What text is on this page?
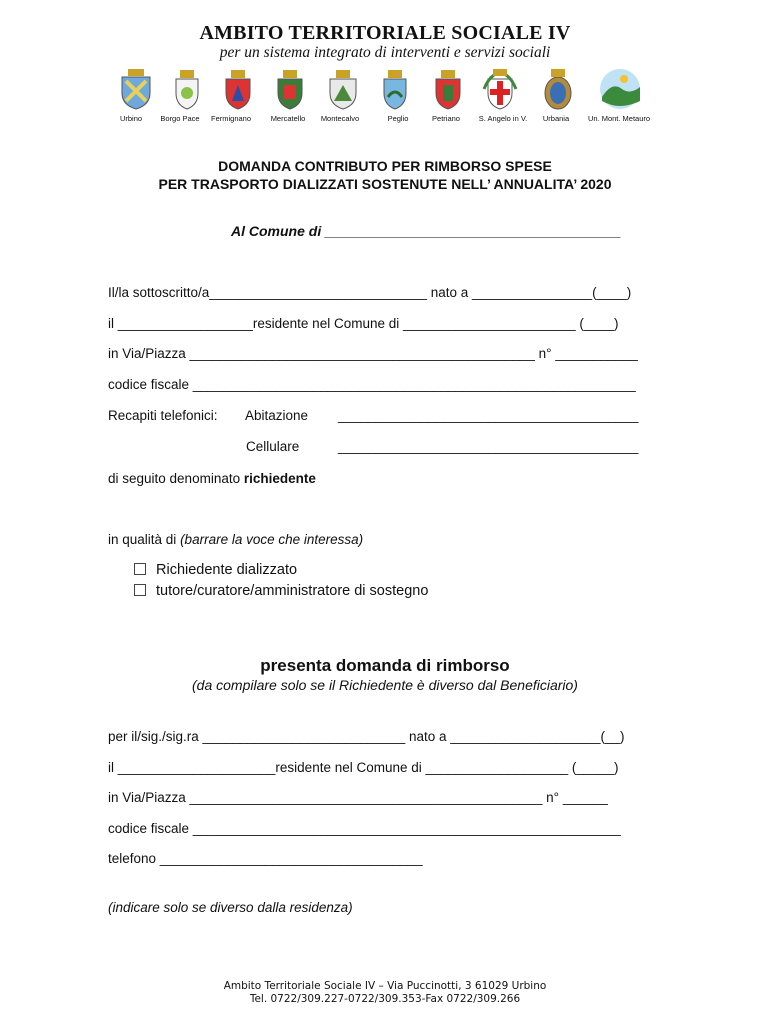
AMBITO TERRITORIALE SOCIALE IV
per un sistema integrato di interventi e servizi sociali
Urbino	Borgo Pace	Fermignano	Mercatello	Montecalvo	Peglio	Petriano	S. Angelo in V.	Urbania	Un. Mont. Metauro
DOMANDA CONTRIBUTO PER RIMBORSO SPESE
PER TRASPORTO DIALIZZATI SOSTENUTE NELL’ ANNUALITA’ 2020
Al Comune di ______________________________________
Il/la sottoscritto/a_____________________________ nato a ________________(____)
il __________________residente nel Comune di _______________________ (____)
in Via/Piazza ______________________________________________ n° ___________
codice fiscale ___________________________________________________________
Recapiti telefonici: Abitazione ________________________________________
Cellulare	________________________________________
di seguito denominato richiedente
in qualità di (barrare la voce che interessa)
Richiedente dializzato
tutore/curatore/amministratore di sostegno
presenta domanda di rimborso
(da compilare solo se il Richiedente è diverso dal Beneficiario)
per il/sig./sig.ra ___________________________ nato a ____________________(__)
il _____________________residente nel Comune di ___________________ (_____)
in Via/Piazza _______________________________________________ n° ______
codice fiscale _________________________________________________________
telefono ___________________________________
(indicare solo se diverso dalla residenza)
Ambito Territoriale Sociale IV – Via Puccinotti, 3 61029 Urbino
Tel. 0722/309.227-0722/309.353-Fax 0722/309.266
